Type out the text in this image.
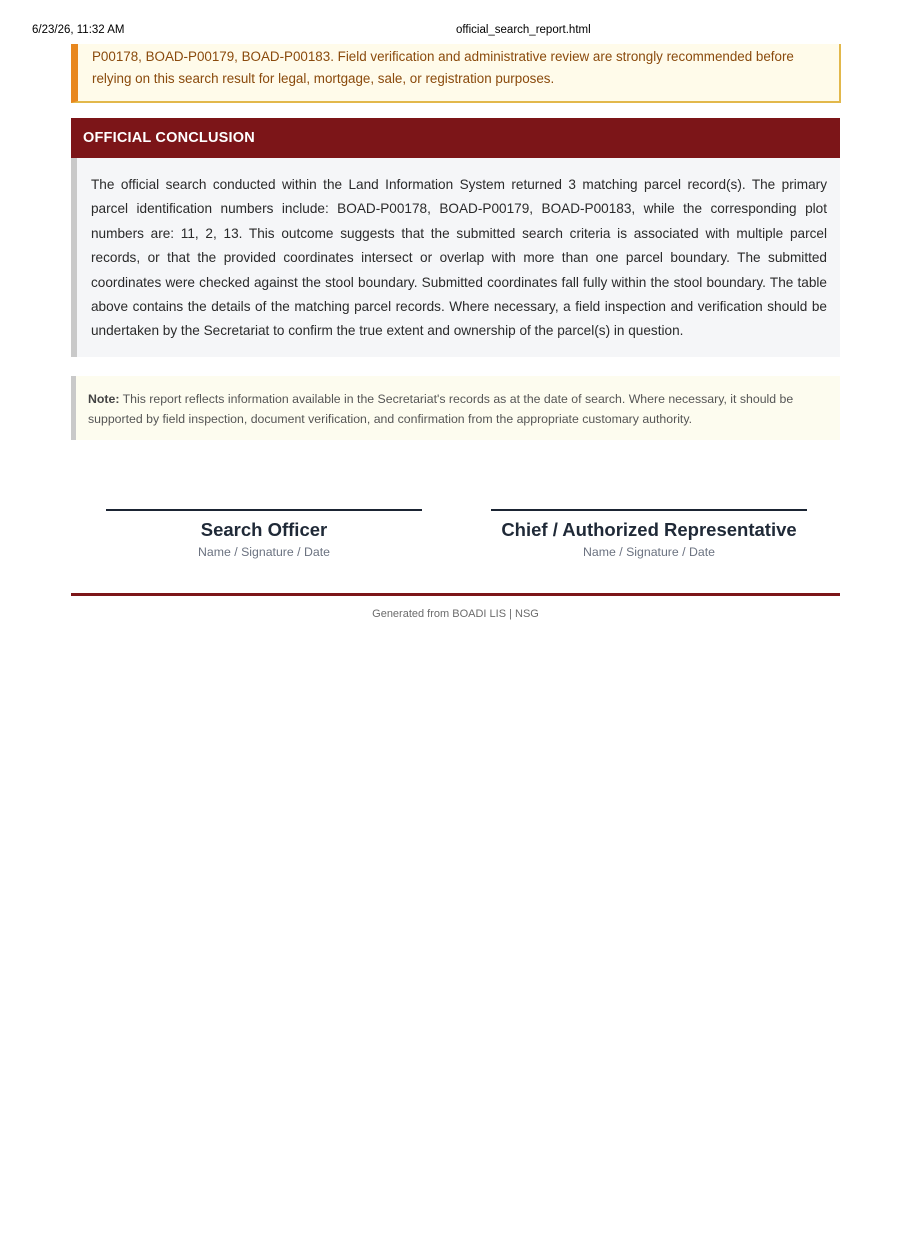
6/23/26, 11:32 AM	official_search_report.html
P00178, BOAD-P00179, BOAD-P00183. Field verification and administrative review are strongly recommended before relying on this search result for legal, mortgage, sale, or registration purposes.
OFFICIAL CONCLUSION
The official search conducted within the Land Information System returned 3 matching parcel record(s). The primary parcel identification numbers include: BOAD-P00178, BOAD-P00179, BOAD-P00183, while the corresponding plot numbers are: 11, 2, 13. This outcome suggests that the submitted search criteria is associated with multiple parcel records, or that the provided coordinates intersect or overlap with more than one parcel boundary. The submitted coordinates were checked against the stool boundary. Submitted coordinates fall fully within the stool boundary. The table above contains the details of the matching parcel records. Where necessary, a field inspection and verification should be undertaken by the Secretariat to confirm the true extent and ownership of the parcel(s) in question.
Note: This report reflects information available in the Secretariat's records as at the date of search. Where necessary, it should be supported by field inspection, document verification, and confirmation from the appropriate customary authority.
Search Officer
Name / Signature / Date
Chief / Authorized Representative
Name / Signature / Date
Generated from BOADI LIS | NSG
